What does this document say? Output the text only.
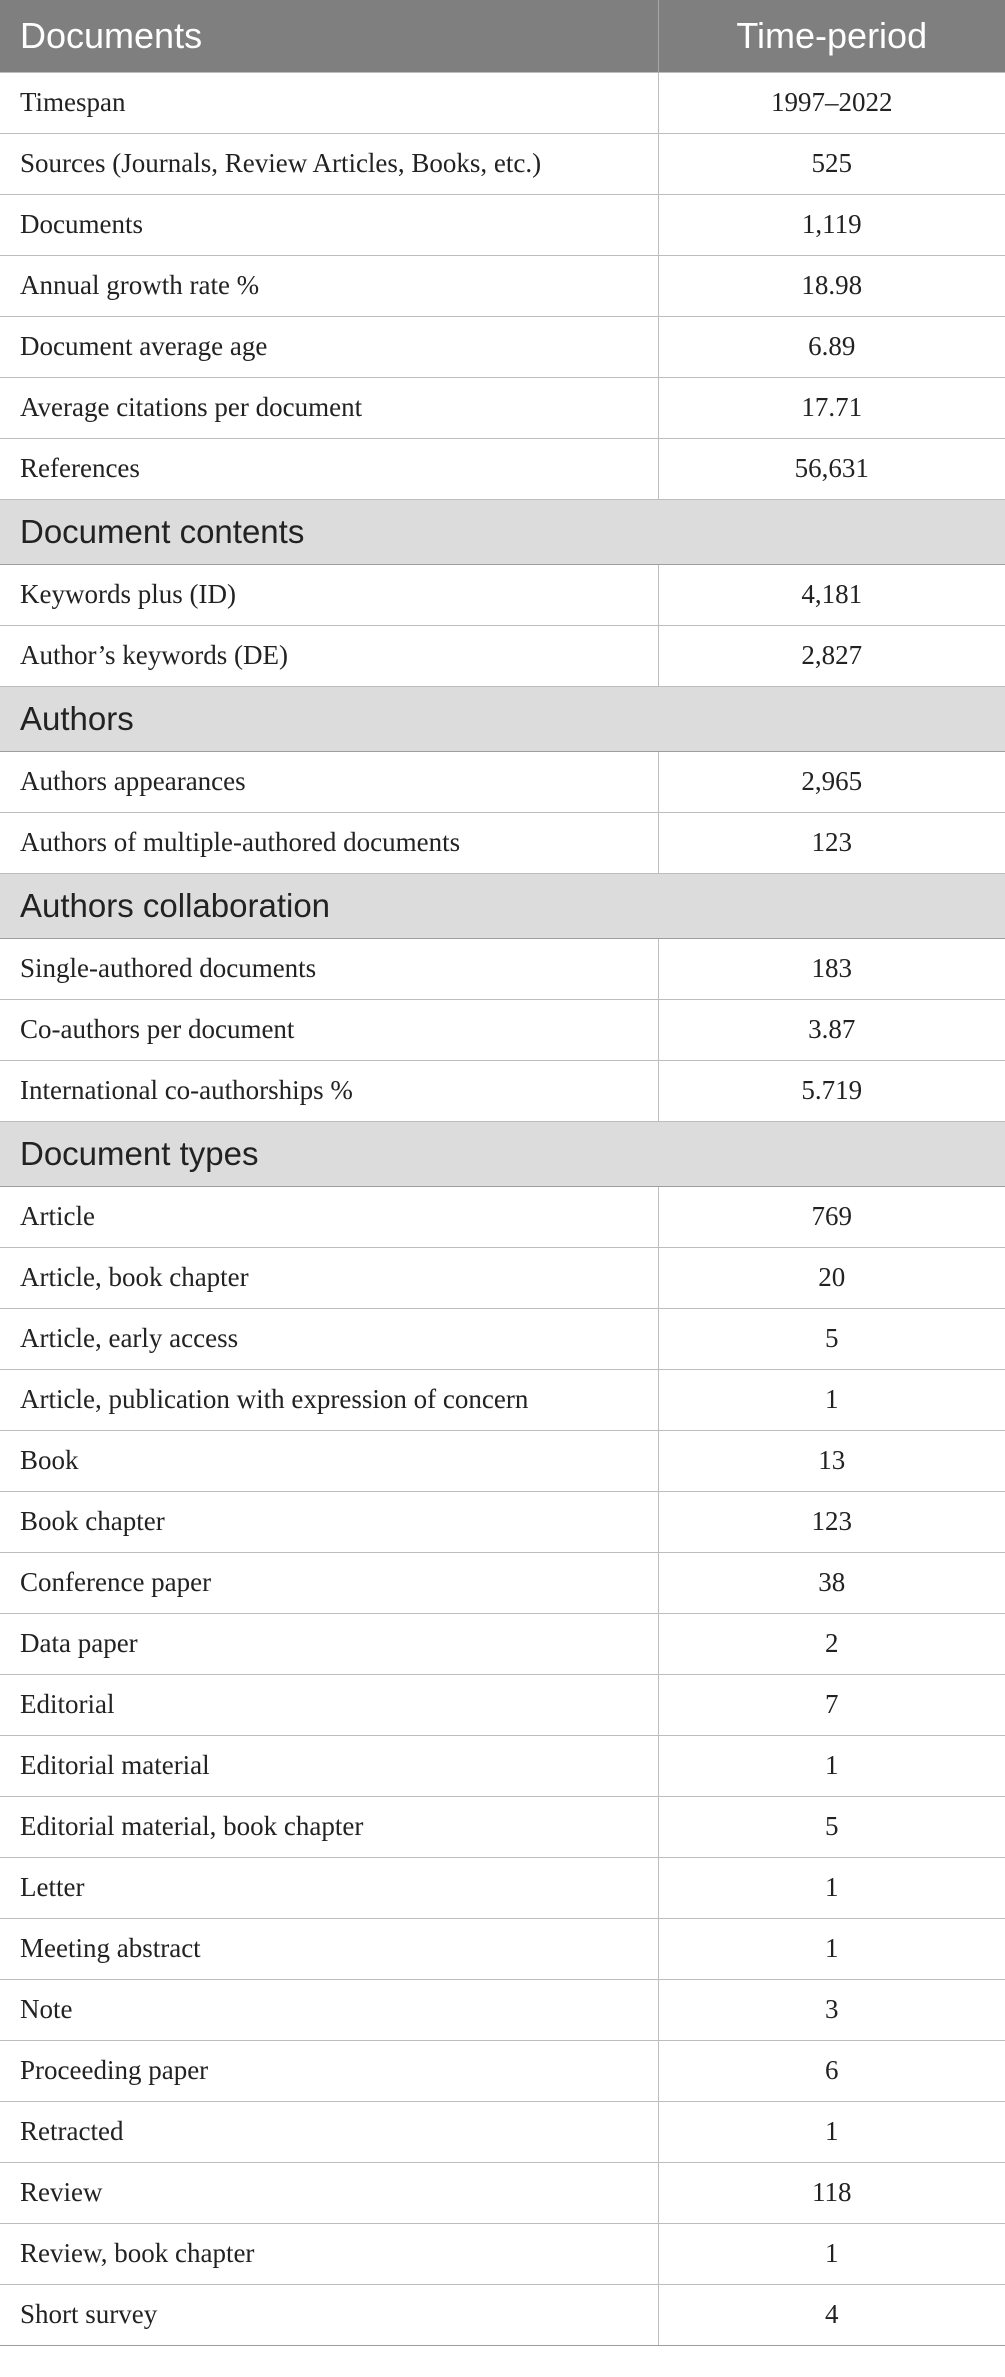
Documents	Time-period
Timespan	1997–2022
Sources (Journals, Review Articles, Books, etc.)	525
Documents	1,119
Annual growth rate %	18.98
Document average age	6.89
Average citations per document	17.71
References	56,631
Document contents	
Keywords plus (ID)	4,181
Author’s keywords (DE)	2,827
Authors	
Authors appearances	2,965
Authors of multiple-authored documents	123
Authors collaboration	
Single-authored documents	183
Co-authors per document	3.87
International co-authorships %	5.719
Document types	
Article	769
Article, book chapter	20
Article, early access	5
Article, publication with expression of concern	1
Book	13
Book chapter	123
Conference paper	38
Data paper	2
Editorial	7
Editorial material	1
Editorial material, book chapter	5
Letter	1
Meeting abstract	1
Note	3
Proceeding paper	6
Retracted	1
Review	118
Review, book chapter	1
Short survey	4
